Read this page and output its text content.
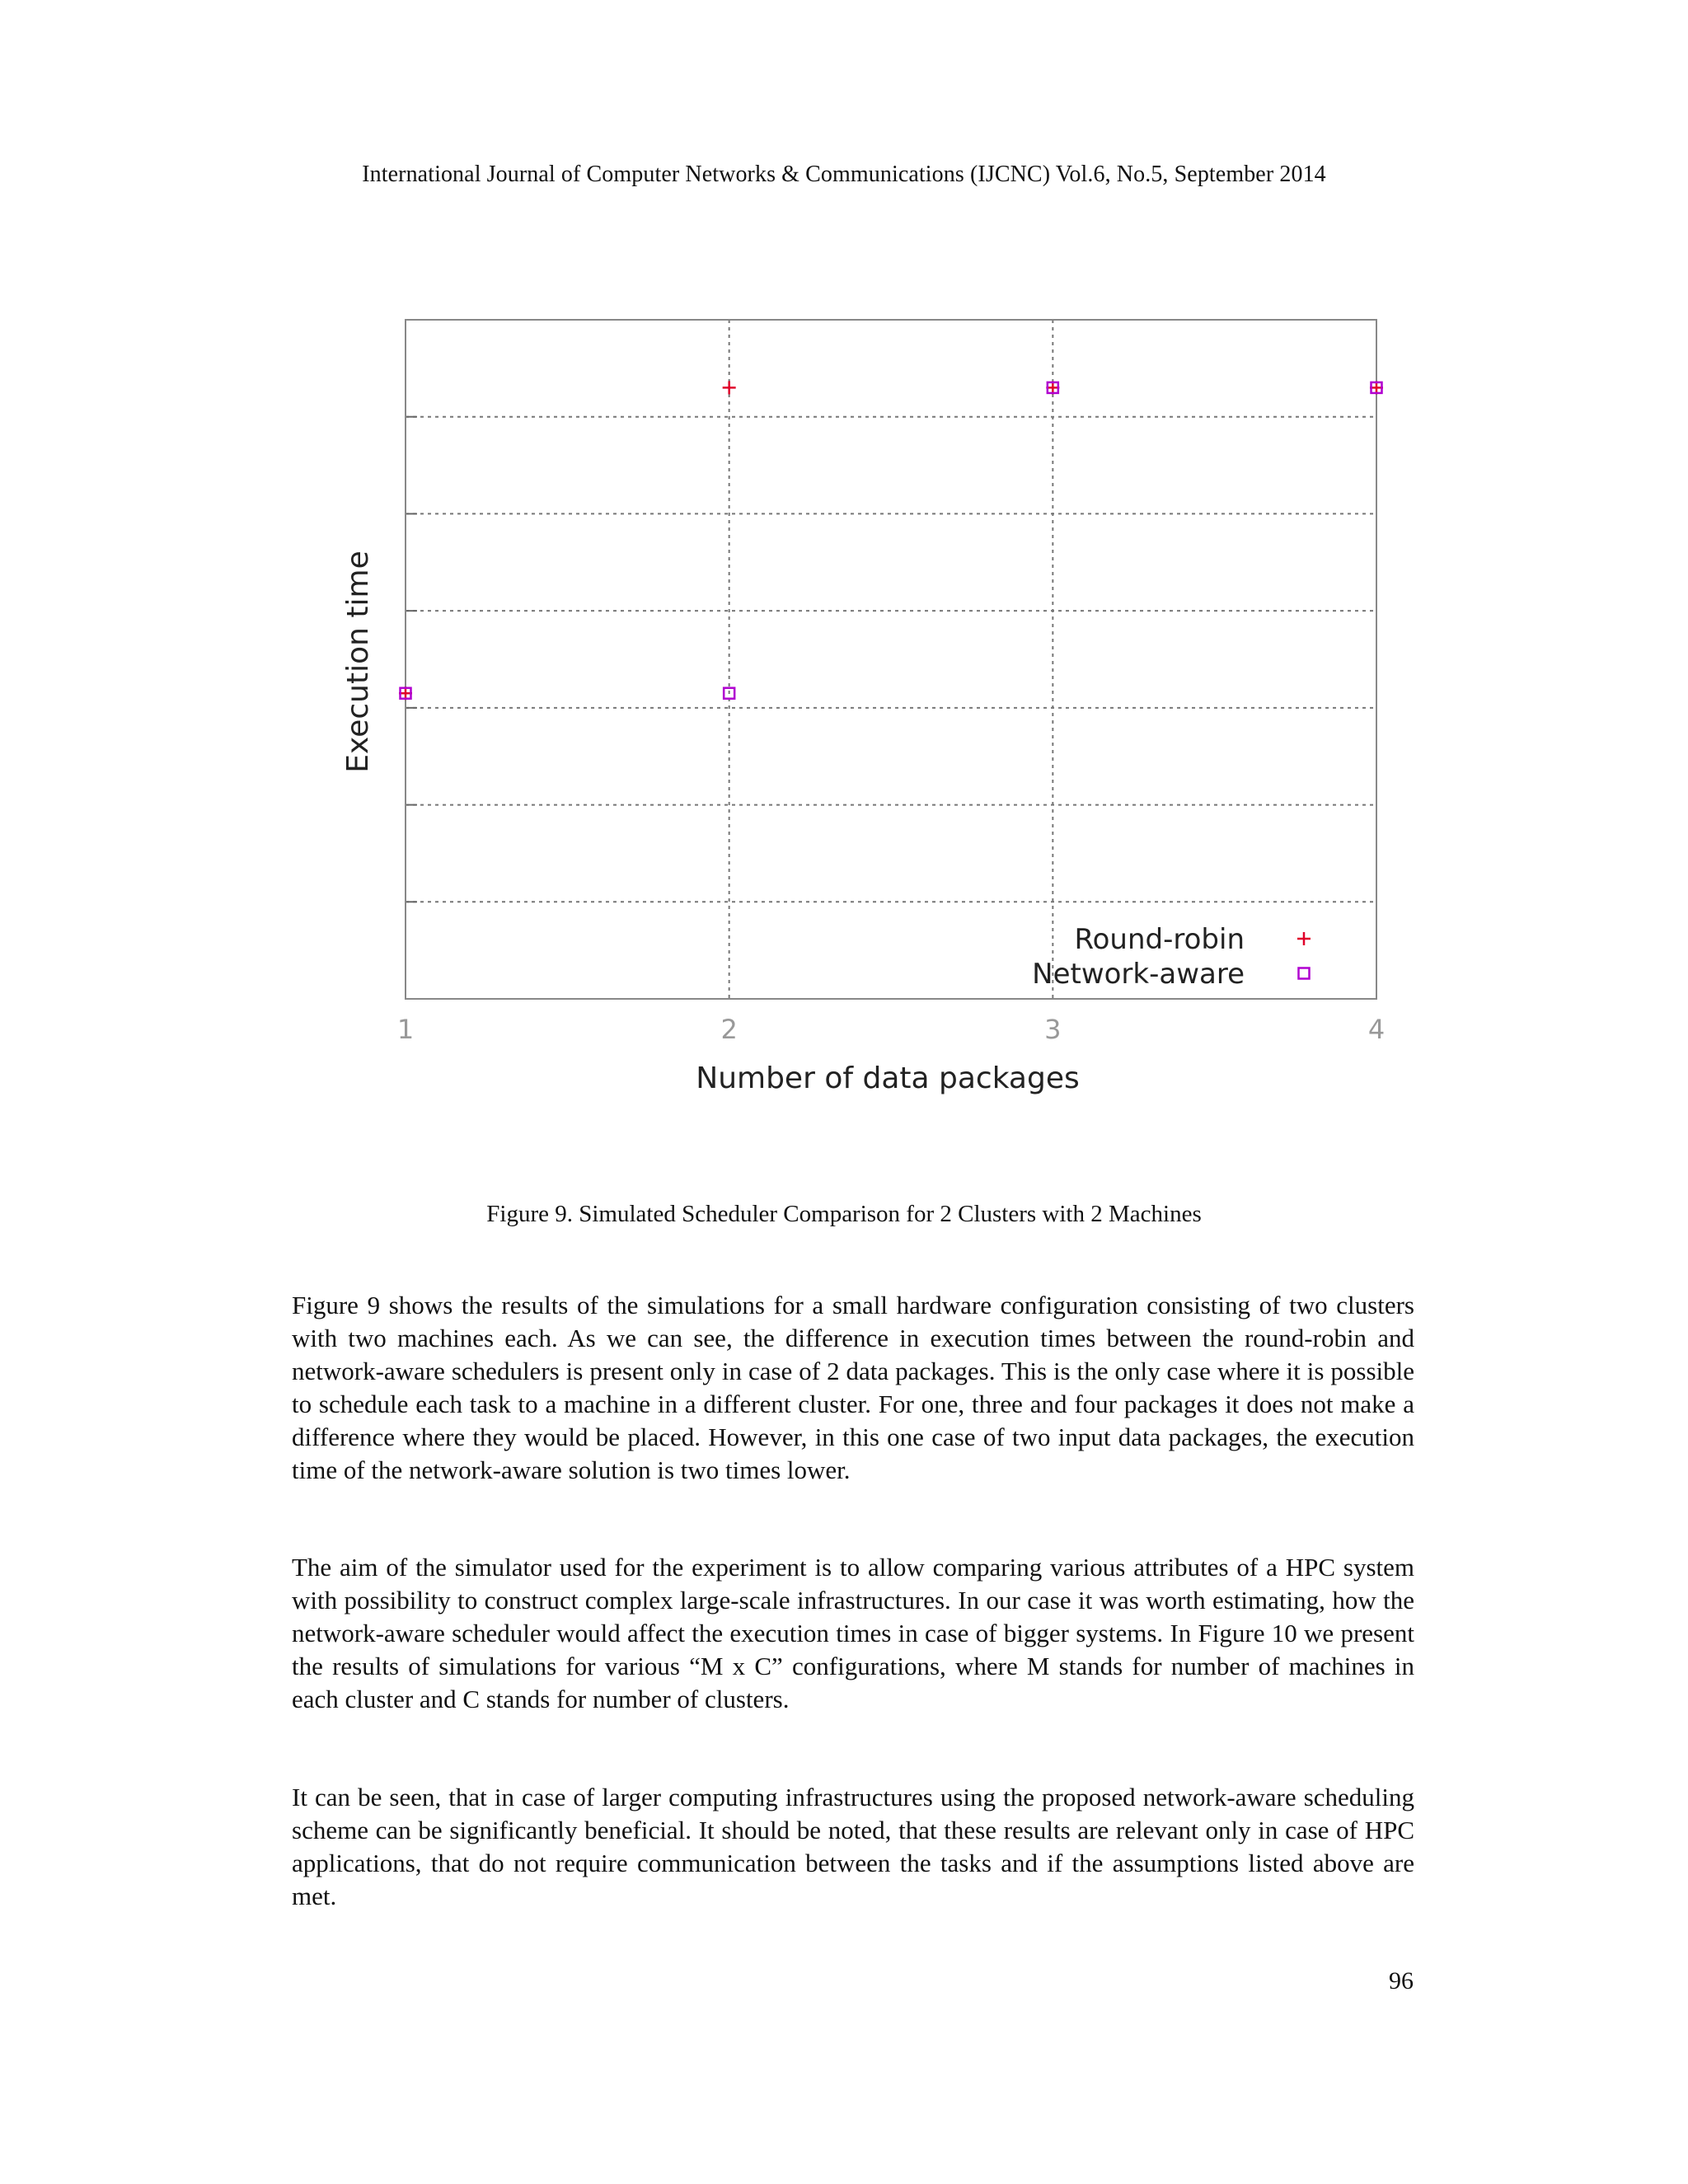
International Journal of Computer Networks & Communications (IJCNC) Vol.6, No.5, September 2014
1	2	3	4
Number of data packages
Execution time
Round-robin
Network-aware
Figure 9. Simulated Scheduler Comparison for 2 Clusters with 2 Machines

Figure 9 shows the results of the simulations for a small hardware configuration consisting of two clusters with two machines each. As we can see, the difference in execution times between the round-robin and network-aware schedulers is present only in case of 2 data packages. This is the only case where it is possible to schedule each task to a machine in a different cluster. For one, three and four packages it does not make a difference where they would be placed. However, in this one case of two input data packages, the execution time of the network-aware solution is two times lower.

The aim of the simulator used for the experiment is to allow comparing various attributes of a HPC system with possibility to construct complex large-scale infrastructures. In our case it was worth estimating, how the network-aware scheduler would affect the execution times in case of bigger systems. In Figure 10 we present the results of simulations for various “M x C” configurations, where M stands for number of machines in each cluster and C stands for number of clusters.

It can be seen, that in case of larger computing infrastructures using the proposed network-aware scheduling scheme can be significantly beneficial. It should be noted, that these results are relevant only in case of HPC applications, that do not require communication between the tasks and if the assumptions listed above are met.

96
